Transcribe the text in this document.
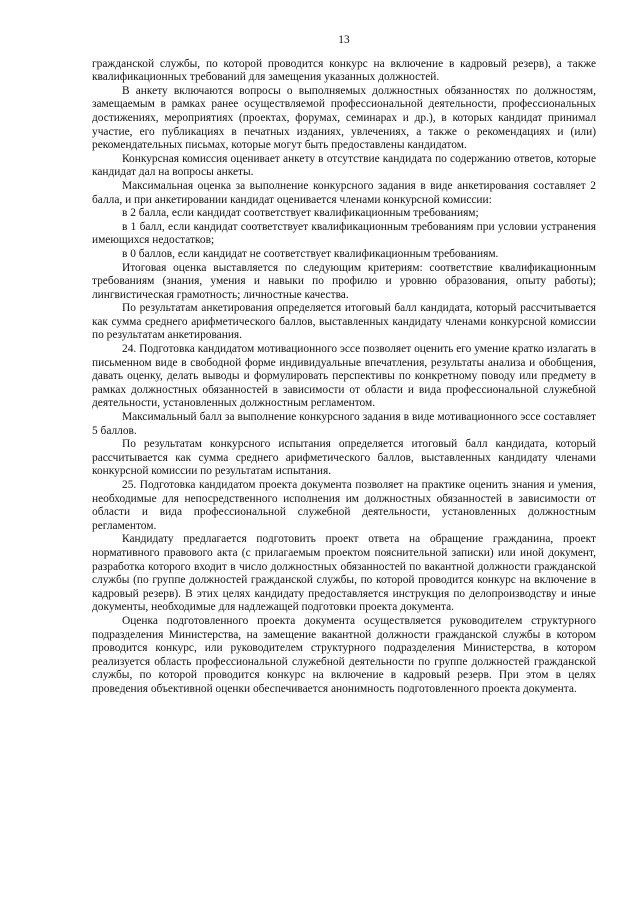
13

гражданской службы, по которой проводится конкурс на включение в кадровый резерв), а также квалификационных требований для замещения указанных должностей.

В анкету включаются вопросы о выполняемых должностных обязанностях по должностям, замещаемым в рамках ранее осуществляемой профессиональной деятельности, профессиональных достижениях, мероприятиях (проектах, форумах, семинарах и др.), в которых кандидат принимал участие, его публикациях в печатных изданиях, увлечениях, а также о рекомендациях и (или) рекомендательных письмах, которые могут быть предоставлены кандидатом.

Конкурсная комиссия оценивает анкету в отсутствие кандидата по содержанию ответов, которые кандидат дал на вопросы анкеты.

Максимальная оценка за выполнение конкурсного задания в виде анкетирования составляет 2 балла, и при анкетировании кандидат оценивается членами конкурсной комиссии:

в 2 балла, если кандидат соответствует квалификационным требованиям;

в 1 балл, если кандидат соответствует квалификационным требованиям при условии устранения имеющихся недостатков;

в 0 баллов, если кандидат не соответствует квалификационным требованиям.

Итоговая оценка выставляется по следующим критериям: соответствие квалификационным требованиям (знания, умения и навыки по профилю и уровню образования, опыту работы); лингвистическая грамотность; личностные качества.

По результатам анкетирования определяется итоговый балл кандидата, который рассчитывается как сумма среднего арифметического баллов, выставленных кандидату членами конкурсной комиссии по результатам анкетирования.

24. Подготовка кандидатом мотивационного эссе позволяет оценить его умение кратко излагать в письменном виде в свободной форме индивидуальные впечатления, результаты анализа и обобщения, давать оценку, делать выводы и формулировать перспективы по конкретному поводу или предмету в рамках должностных обязанностей в зависимости от области и вида профессиональной служебной деятельности, установленных должностным регламентом.

Максимальный балл за выполнение конкурсного задания в виде мотивационного эссе составляет 5 баллов.

По результатам конкурсного испытания определяется итоговый балл кандидата, который рассчитывается как сумма среднего арифметического баллов, выставленных кандидату членами конкурсной комиссии по результатам испытания.

25. Подготовка кандидатом проекта документа позволяет на практике оценить знания и умения, необходимые для непосредственного исполнения им должностных обязанностей в зависимости от области и вида профессиональной служебной деятельности, установленных должностным регламентом.

Кандидату предлагается подготовить проект ответа на обращение гражданина, проект нормативного правового акта (с прилагаемым проектом пояснительной записки) или иной документ, разработка которого входит в число должностных обязанностей по вакантной должности гражданской службы (по группе должностей гражданской службы, по которой проводится конкурс на включение в кадровый резерв). В этих целях кандидату предоставляется инструкция по делопроизводству и иные документы, необходимые для надлежащей подготовки проекта документа.

Оценка подготовленного проекта документа осуществляется руководителем структурного подразделения Министерства, на замещение вакантной должности гражданской службы в котором проводится конкурс, или руководителем структурного подразделения Министерства, в котором реализуется область профессиональной служебной деятельности по группе должностей гражданской службы, по которой проводится конкурс на включение в кадровый резерв. При этом в целях проведения объективной оценки обеспечивается анонимность подготовленного проекта документа.
